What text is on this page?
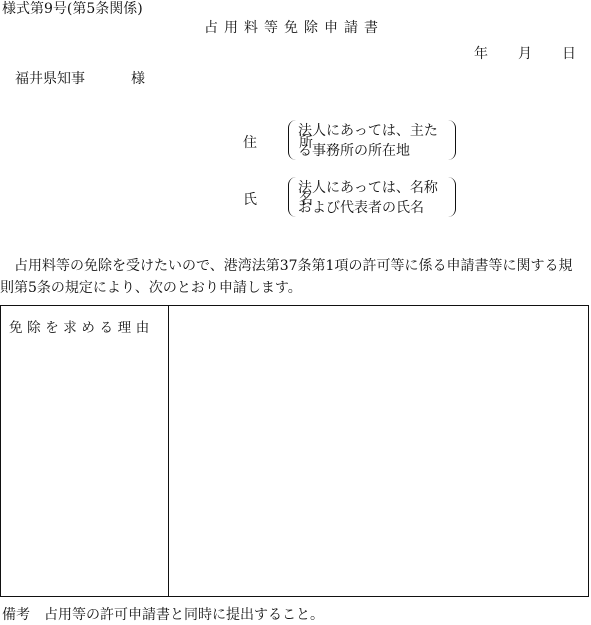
様式第9号(第5条関係)
占用料等免除申請書
年 月 日
福井県知事	様
住　所
法人にあっては、主た
る事務所の所在地
氏　名
法人にあっては、名称
および代表者の氏名
占用料等の免除を受けたいので、港湾法第37条第1項の許可等に係る申請書等に関する規
則第5条の規定により、次のとおり申請します。
免除を求める理由
備考 占用等の許可申請書と同時に提出すること。
